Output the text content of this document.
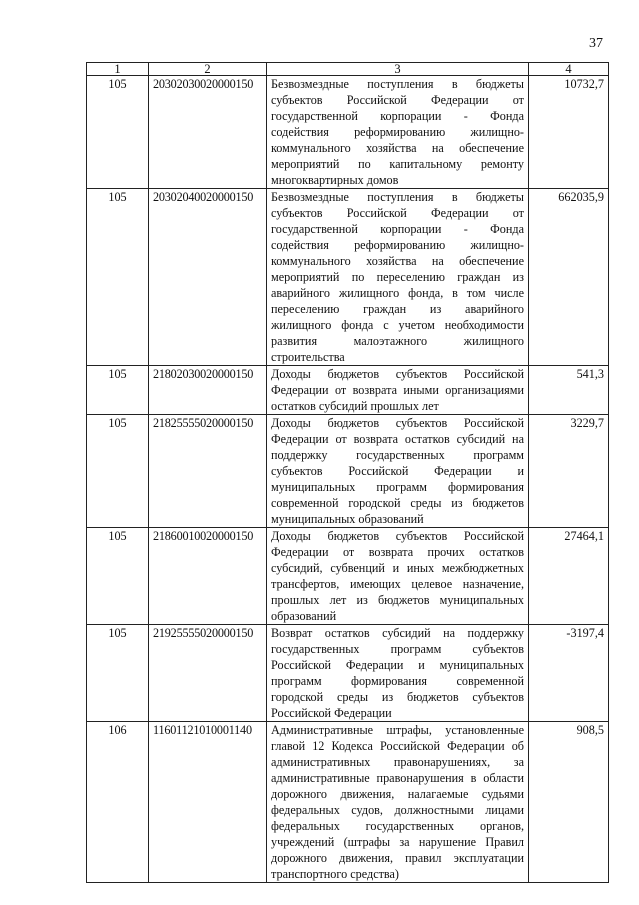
37
1	2	3	4
105	20302030020000150	Безвозмездные поступления в бюджеты субъектов Российской Федерации от государственной корпорации - Фонда содействия реформированию жилищно-коммунального хозяйства на обеспечение мероприятий по капитальному ремонту многоквартирных домов	10732,7
105	20302040020000150	Безвозмездные поступления в бюджеты субъектов Российской Федерации от государственной корпорации - Фонда содействия реформированию жилищно-коммунального хозяйства на обеспечение мероприятий по переселению граждан из аварийного жилищного фонда, в том числе переселению граждан из аварийного жилищного фонда с учетом необходимости развития малоэтажного жилищного строительства	662035,9
105	21802030020000150	Доходы бюджетов субъектов Российской Федерации от возврата иными организациями остатков субсидий прошлых лет	541,3
105	21825555020000150	Доходы бюджетов субъектов Российской Федерации от возврата остатков субсидий на поддержку государственных программ субъектов Российской Федерации и муниципальных программ формирования современной городской среды из бюджетов муниципальных образований	3229,7
105	21860010020000150	Доходы бюджетов субъектов Российской Федерации от возврата прочих остатков субсидий, субвенций и иных межбюджетных трансфертов, имеющих целевое назначение, прошлых лет из бюджетов муниципальных образований	27464,1
105	21925555020000150	Возврат остатков субсидий на поддержку государственных программ субъектов Российской Федерации и муниципальных программ формирования современной городской среды из бюджетов субъектов Российской Федерации	-3197,4
106	11601121010001140	Административные штрафы, установленные главой 12 Кодекса Российской Федерации об административных правонарушениях, за административные правонарушения в области дорожного движения, налагаемые судьями федеральных судов, должностными лицами федеральных государственных органов, учреждений (штрафы за нарушение Правил дорожного движения, правил эксплуатации транспортного средства)	908,5
